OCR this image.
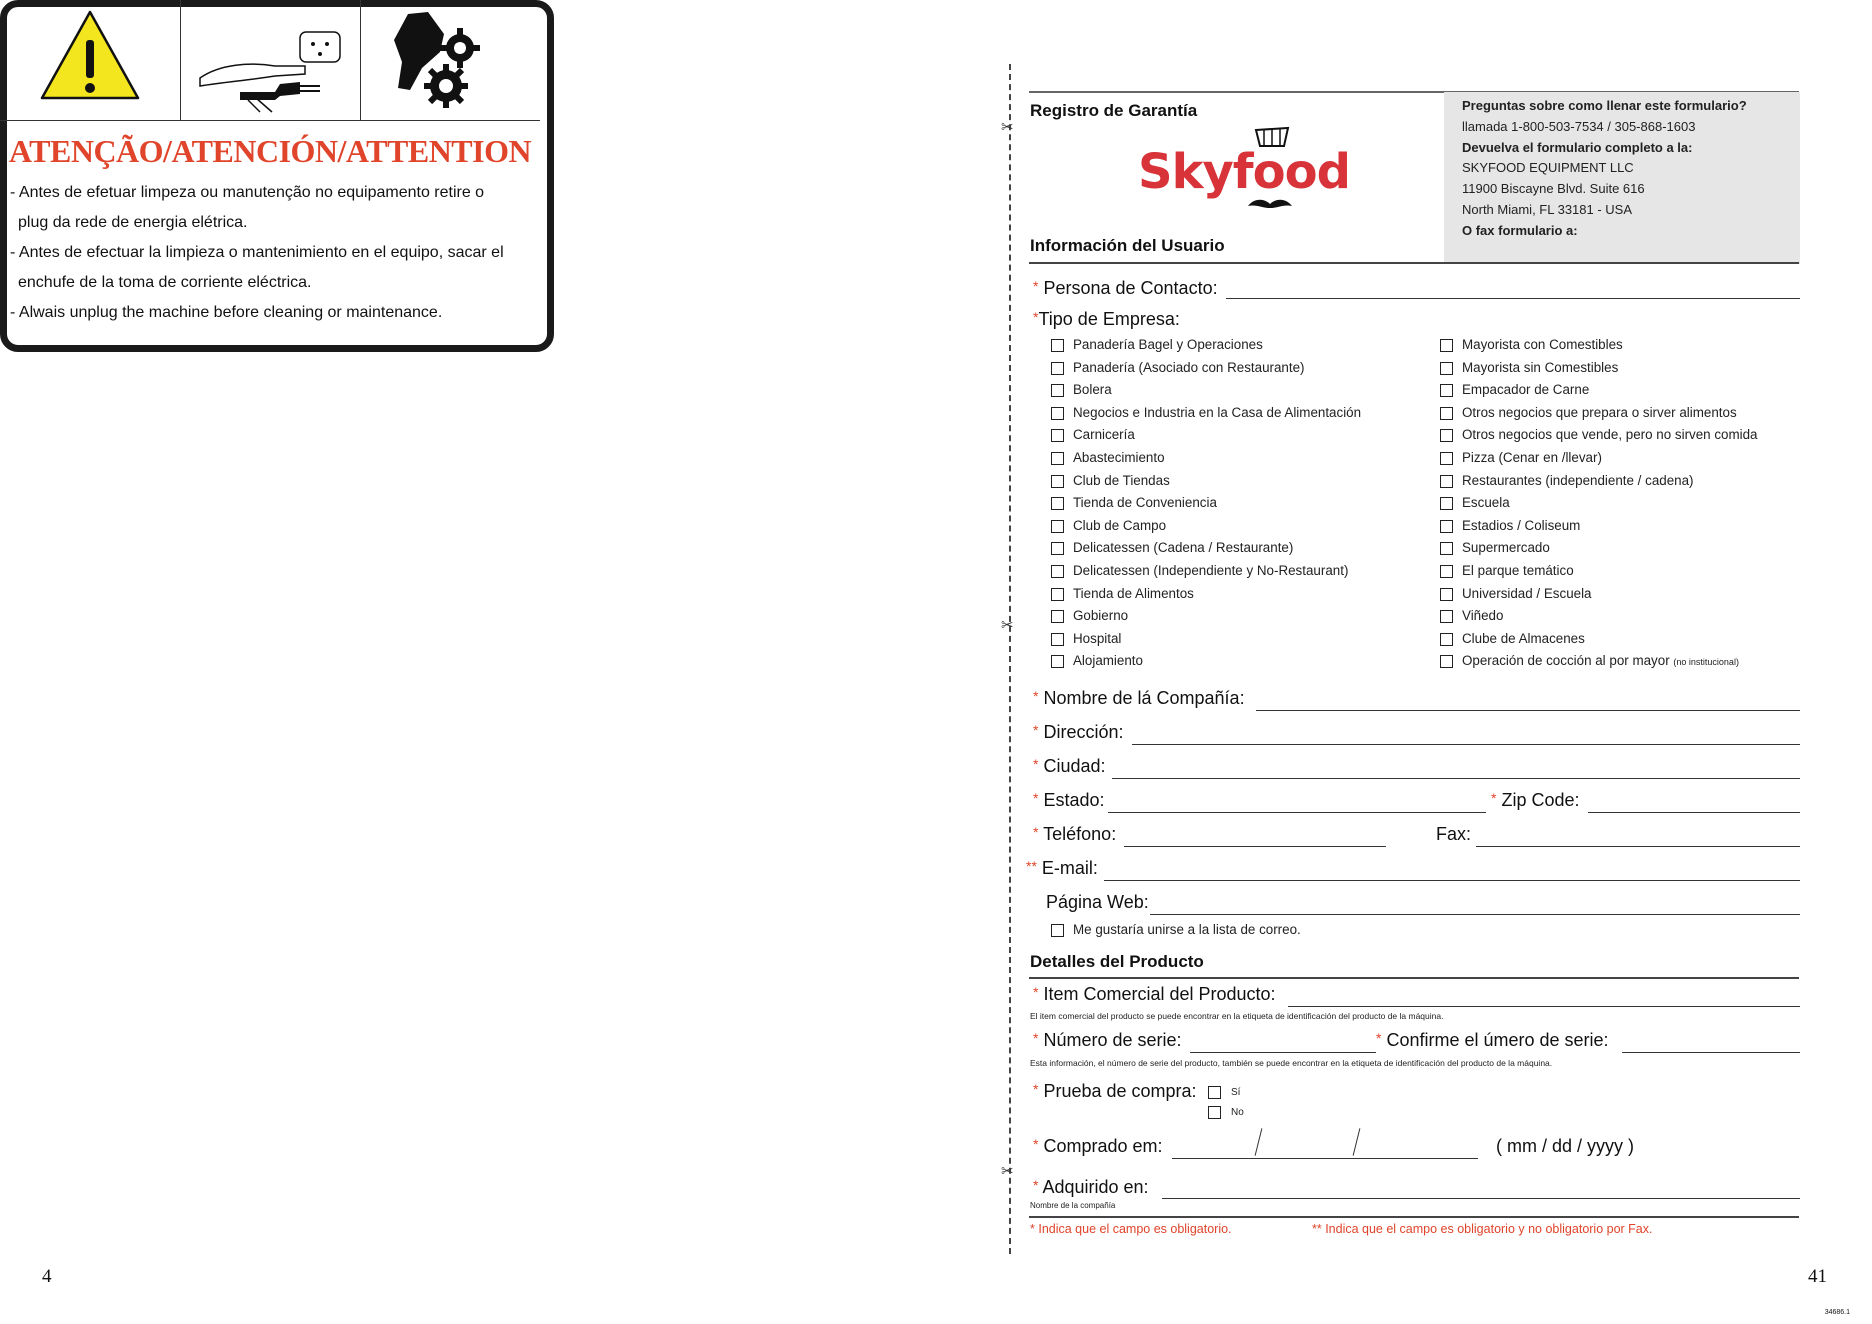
ATENÇÃO/ATENCIÓN/ATTENTION
- Antes de efetuar limpeza ou manutenção no equipamento retire o
plug da rede de energia elétrica.
- Antes de efectuar la limpieza o mantenimiento en el equipo, sacar el
enchufe de la toma de corriente eléctrica.
- Alwais unplug the machine before cleaning or maintenance.
34686.1
4
✂
✂
✂
Registro de Garantía
Skyfood
Información del Usuario
Preguntas sobre como llenar este formulario?
llamada 1-800-503-7534 / 305-868-1603
Devuelva el formulario completo a la:
SKYFOOD EQUIPMENT LLC
11900 Biscayne Blvd. Suite 616
North Miami, FL 33181 - USA
O fax formulario a:
* Persona de Contacto:
*Tipo de Empresa:
Panadería Bagel y Operaciones
Panadería (Asociado con Restaurante)
Bolera
Negocios e Industria en la Casa de Alimentación
Carnicería
Abastecimiento
Club de Tiendas
Tienda de Conveniencia
Club de Campo
Delicatessen (Cadena / Restaurante)
Delicatessen (Independiente y No-Restaurant)
Tienda de Alimentos
Gobierno
Hospital
Alojamiento
Mayorista con Comestibles
Mayorista sin Comestibles
Empacador de Carne
Otros negocios que prepara o sirver alimentos
Otros negocios que vende, pero no sirven comida
Pizza (Cenar en /llevar)
Restaurantes (independiente / cadena)
Escuela
Estadios / Coliseum
Supermercado
El parque temático
Universidad / Escuela
Viñedo
Clube de Almacenes
Operación de cocción al por mayor (no institucional)
* Nombre de lá Compañía:
* Dirección:
* Ciudad:
* Estado:	* Zip Code:
* Teléfono:	Fax:
** E-mail:
Página Web:
Me gustaría unirse a la lista de correo.
Detalles del Producto
* Item Comercial del Producto:
El item comercial del producto se puede encontrar en la etiqueta de identificación del producto de la máquina.
* Número de serie:	* Confirme el úmero de serie:
Esta información, el número de serie del producto, también se puede encontrar en la etiqueta de identificación del producto de la máquina.
* Prueba de compra:	Sí
No
* Comprado em:	( mm / dd / yyyy )
* Adquirido en:
Nombre de la compañía
* Indica que el campo es obligatorio.	** Indica que el campo es obligatorio y no obligatorio por Fax.
41
